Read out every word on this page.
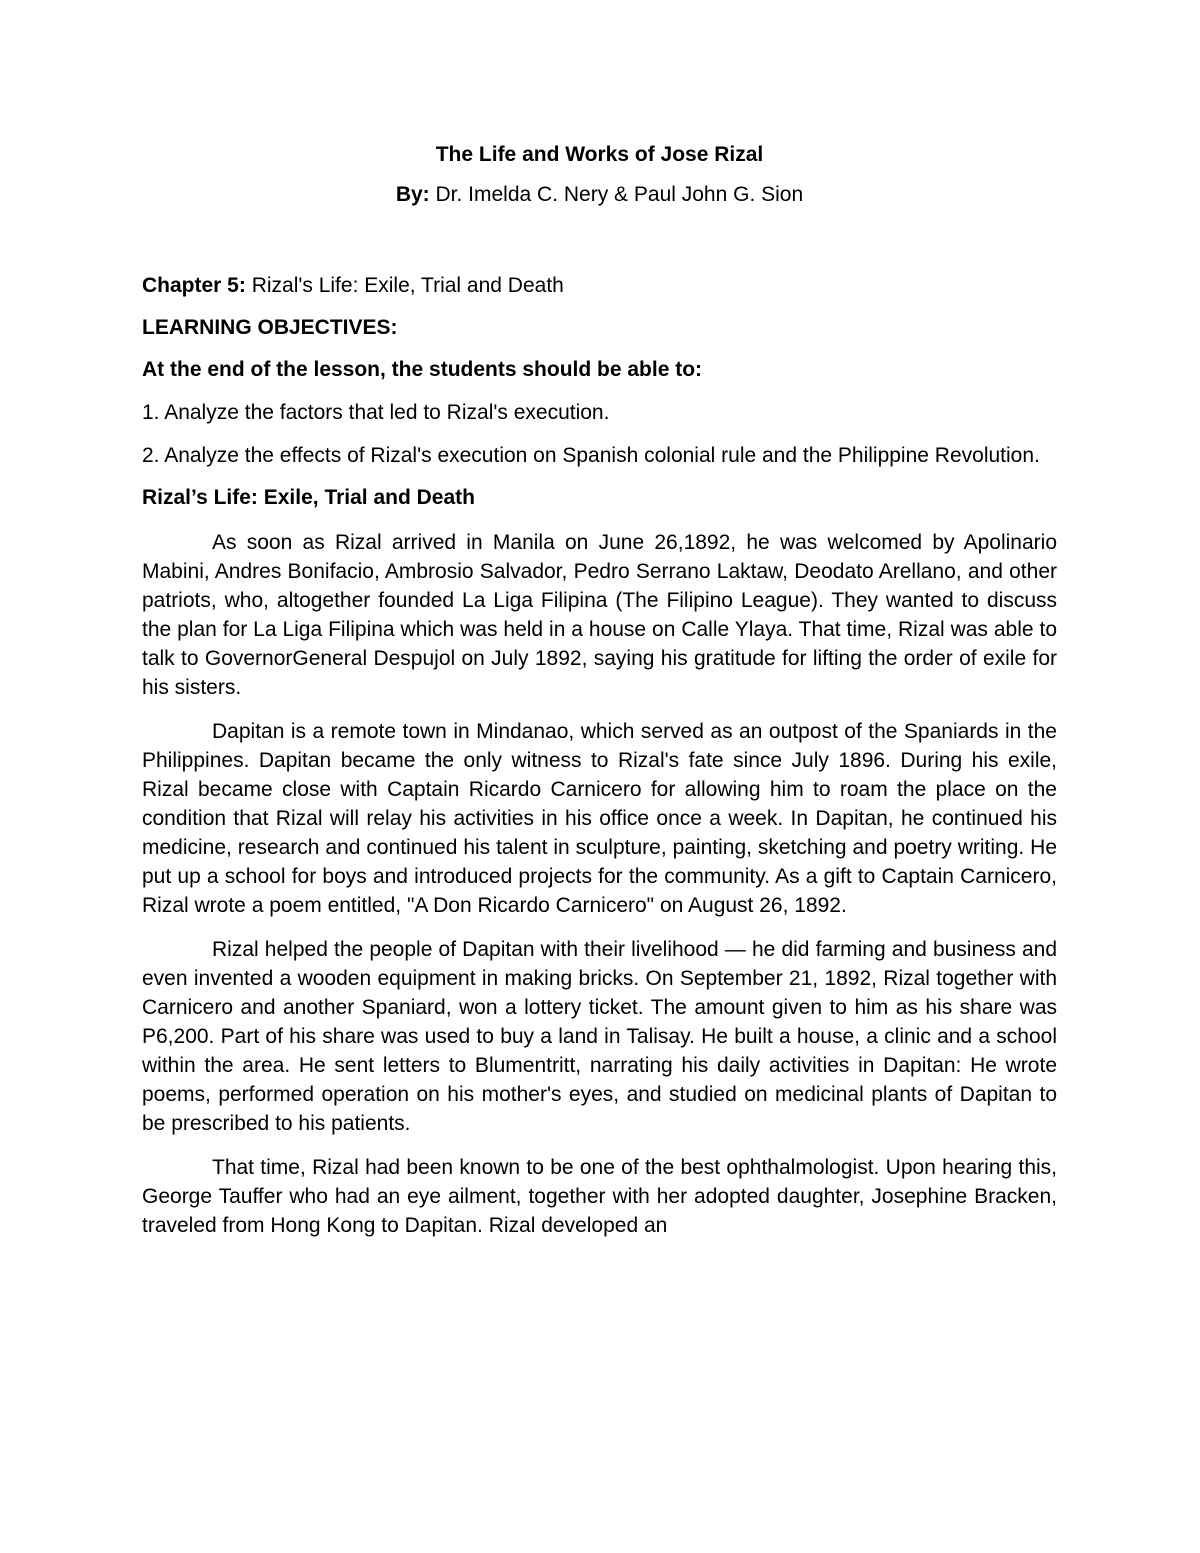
The Life and Works of Jose Rizal

By: Dr. Imelda C. Nery & Paul John G. Sion

Chapter 5: Rizal's Life: Exile, Trial and Death

LEARNING OBJECTIVES:

At the end of the lesson, the students should be able to:

1. Analyze the factors that led to Rizal's execution.

2. Analyze the effects of Rizal's execution on Spanish colonial rule and the Philippine Revolution.

Rizal’s Life: Exile, Trial and Death

As soon as Rizal arrived in Manila on June 26,1892, he was welcomed by Apolinario Mabini, Andres Bonifacio, Ambrosio Salvador, Pedro Serrano Laktaw, Deodato Arellano, and other patriots, who, altogether founded La Liga Filipina (The Filipino League). They wanted to discuss the plan for La Liga Filipina which was held in a house on Calle Ylaya. That time, Rizal was able to talk to GovernorGeneral Despujol on July 1892, saying his gratitude for lifting the order of exile for his sisters.

Dapitan is a remote town in Mindanao, which served as an outpost of the Spaniards in the Philippines. Dapitan became the only witness to Rizal's fate since July 1896. During his exile, Rizal became close with Captain Ricardo Carnicero for allowing him to roam the place on the condition that Rizal will relay his activities in his office once a week. In Dapitan, he continued his medicine, research and continued his talent in sculpture, painting, sketching and poetry writing. He put up a school for boys and introduced projects for the community. As a gift to Captain Carnicero, Rizal wrote a poem entitled, "A Don Ricardo Carnicero" on August 26, 1892.

Rizal helped the people of Dapitan with their livelihood — he did farming and business and even invented a wooden equipment in making bricks. On September 21, 1892, Rizal together with Carnicero and another Spaniard, won a lottery ticket. The amount given to him as his share was P6,200. Part of his share was used to buy a land in Talisay. He built a house, a clinic and a school within the area. He sent letters to Blumentritt, narrating his daily activities in Dapitan: He wrote poems, performed operation on his mother's eyes, and studied on medicinal plants of Dapitan to be prescribed to his patients.

That time, Rizal had been known to be one of the best ophthalmologist. Upon hearing this, George Tauffer who had an eye ailment, together with her adopted daughter, Josephine Bracken, traveled from Hong Kong to Dapitan. Rizal developed an
